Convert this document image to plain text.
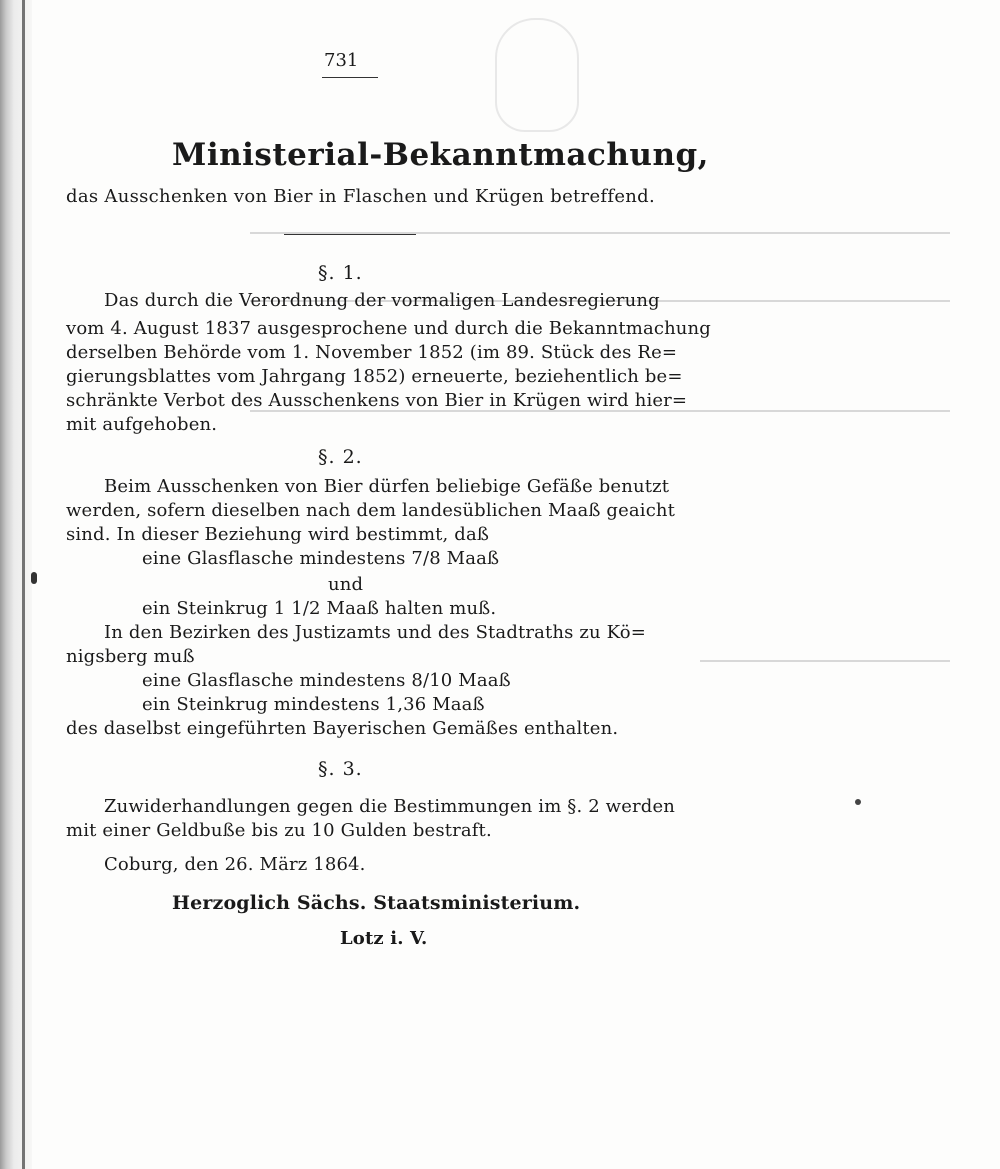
731
Ministerial-Bekanntmachung,
das Ausschenken von Bier in Flaschen und Krügen betreffend.
§. 1.
Das durch die Verordnung der vormaligen Landesregierung
vom 4. August 1837 ausgesprochene und durch die Bekanntmachung
derselben Behörde vom 1. November 1852 (im 89. Stück des Re=
gierungsblattes vom Jahrgang 1852) erneuerte, beziehentlich be=
schränkte Verbot des Ausschenkens von Bier in Krügen wird hier=
mit aufgehoben.
§. 2.
Beim Ausschenken von Bier dürfen beliebige Gefäße benutzt
werden, sofern dieselben nach dem landesüblichen Maaß geaicht
sind. In dieser Beziehung wird bestimmt, daß
eine Glasflasche mindestens 7/8 Maaß
und
ein Steinkrug 1 1/2 Maaß halten muß.
In den Bezirken des Justizamts und des Stadtraths zu Kö=
nigsberg muß
eine Glasflasche mindestens 8/10 Maaß
ein Steinkrug mindestens 1,36 Maaß
des daselbst eingeführten Bayerischen Gemäßes enthalten.
§. 3.
Zuwiderhandlungen gegen die Bestimmungen im §. 2 werden
mit einer Geldbuße bis zu 10 Gulden bestraft.
Coburg, den 26. März 1864.
Herzoglich Sächs. Staatsministerium.
Lotz i. V.
